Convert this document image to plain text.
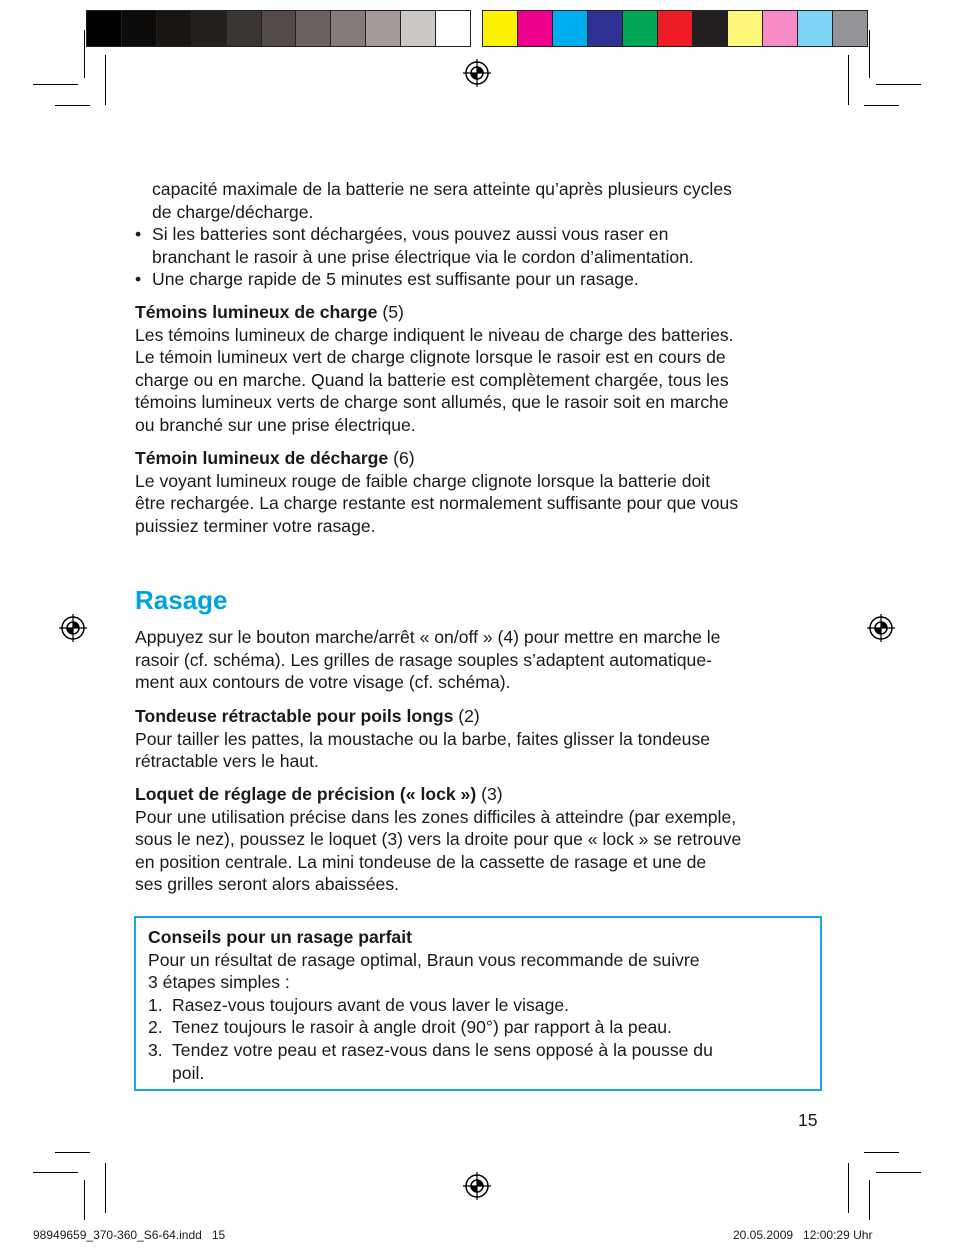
capacité maximale de la batterie ne sera atteinte qu’après plusieurs cycles

de charge/décharge.

• Si les batteries sont déchargées, vous pouvez aussi vous raser en

branchant le rasoir à une prise électrique via le cordon d’alimentation.

• Une charge rapide de 5 minutes est suffisante pour un rasage.

Témoins lumineux de charge (5)

Les témoins lumineux de charge indiquent le niveau de charge des batteries.

Le témoin lumineux vert de charge clignote lorsque le rasoir est en cours de

charge ou en marche. Quand la batterie est complètement chargée, tous les

témoins lumineux verts de charge sont allumés, que le rasoir soit en marche

ou branché sur une prise électrique.

Témoin lumineux de décharge (6)

Le voyant lumineux rouge de faible charge clignote lorsque la batterie doit

être rechargée. La charge restante est normalement suffisante pour que vous

puissiez terminer votre rasage.

Rasage

Appuyez sur le bouton marche/arrêt « on/off » (4) pour mettre en marche le

rasoir (cf. schéma). Les grilles de rasage souples s’adaptent automatique-

ment aux contours de votre visage (cf. schéma).

Tondeuse rétractable pour poils longs (2)

Pour tailler les pattes, la moustache ou la barbe, faites glisser la tondeuse

rétractable vers le haut.

Loquet de réglage de précision (« lock ») (3)

Pour une utilisation précise dans les zones difficiles à atteindre (par exemple,

sous le nez), poussez le loquet (3) vers la droite pour que « lock » se retrouve

en position centrale. La mini tondeuse de la cassette de rasage et une de

ses grilles seront alors abaissées.

Conseils pour un rasage parfait

Pour un résultat de rasage optimal, Braun vous recommande de suivre

3 étapes simples :

1. Rasez-vous toujours avant de vous laver le visage.

2. Tenez toujours le rasoir à angle droit (90°) par rapport à la peau.

3. Tendez votre peau et rasez-vous dans le sens opposé à la pousse du

poil.

15
98949659_370-360_S6-64.indd   15	20.05.2009   12:00:29 Uhr
